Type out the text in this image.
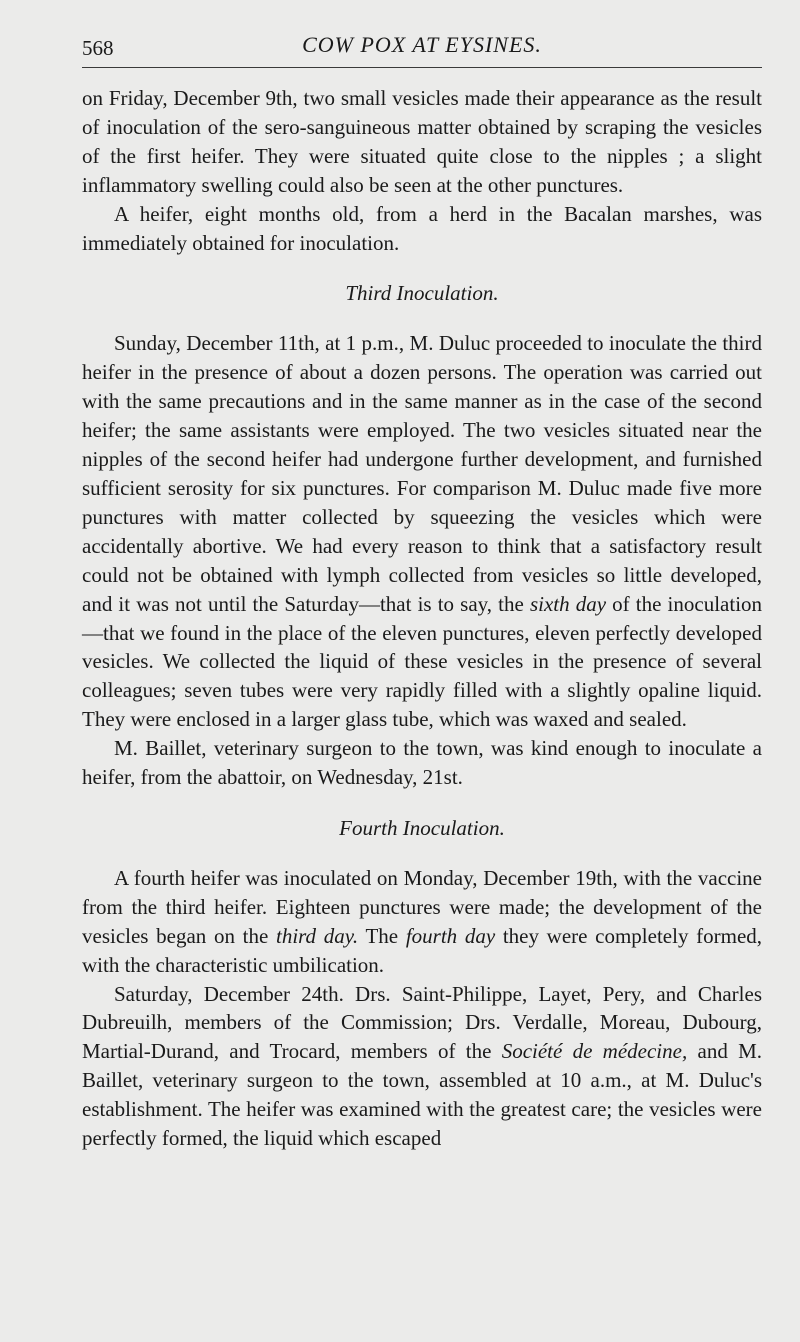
568	COW POX AT EYSINES.

on Friday, December 9th, two small vesicles made their appearance as the result of inoculation of the sero-sanguineous matter obtained by scraping the vesicles of the first heifer. They were situated quite close to the nipples ; a slight inflammatory swelling could also be seen at the other punctures.

A heifer, eight months old, from a herd in the Bacalan marshes, was immediately obtained for inoculation.

Third Inoculation.

Sunday, December 11th, at 1 p.m., M. Duluc proceeded to inoculate the third heifer in the presence of about a dozen persons. The operation was carried out with the same precautions and in the same manner as in the case of the second heifer; the same assistants were employed. The two vesicles situated near the nipples of the second heifer had undergone further development, and furnished sufficient serosity for six punctures. For comparison M. Duluc made five more punctures with matter collected by squeezing the vesicles which were accidentally abortive. We had every reason to think that a satisfactory result could not be obtained with lymph collected from vesicles so little developed, and it was not until the Saturday—that is to say, the sixth day of the inoculation—that we found in the place of the eleven punctures, eleven perfectly developed vesicles. We collected the liquid of these vesicles in the presence of several colleagues; seven tubes were very rapidly filled with a slightly opaline liquid. They were enclosed in a larger glass tube, which was waxed and sealed.

M. Baillet, veterinary surgeon to the town, was kind enough to inoculate a heifer, from the abattoir, on Wednesday, 21st.

Fourth Inoculation.

A fourth heifer was inoculated on Monday, December 19th, with the vaccine from the third heifer. Eighteen punctures were made; the development of the vesicles began on the third day. The fourth day they were completely formed, with the characteristic umbilication.

Saturday, December 24th. Drs. Saint-Philippe, Layet, Pery, and Charles Dubreuilh, members of the Commission; Drs. Verdalle, Moreau, Dubourg, Martial-Durand, and Trocard, members of the Société de médecine, and M. Baillet, veterinary surgeon to the town, assembled at 10 a.m., at M. Duluc's establishment. The heifer was examined with the greatest care; the vesicles were perfectly formed, the liquid which escaped
